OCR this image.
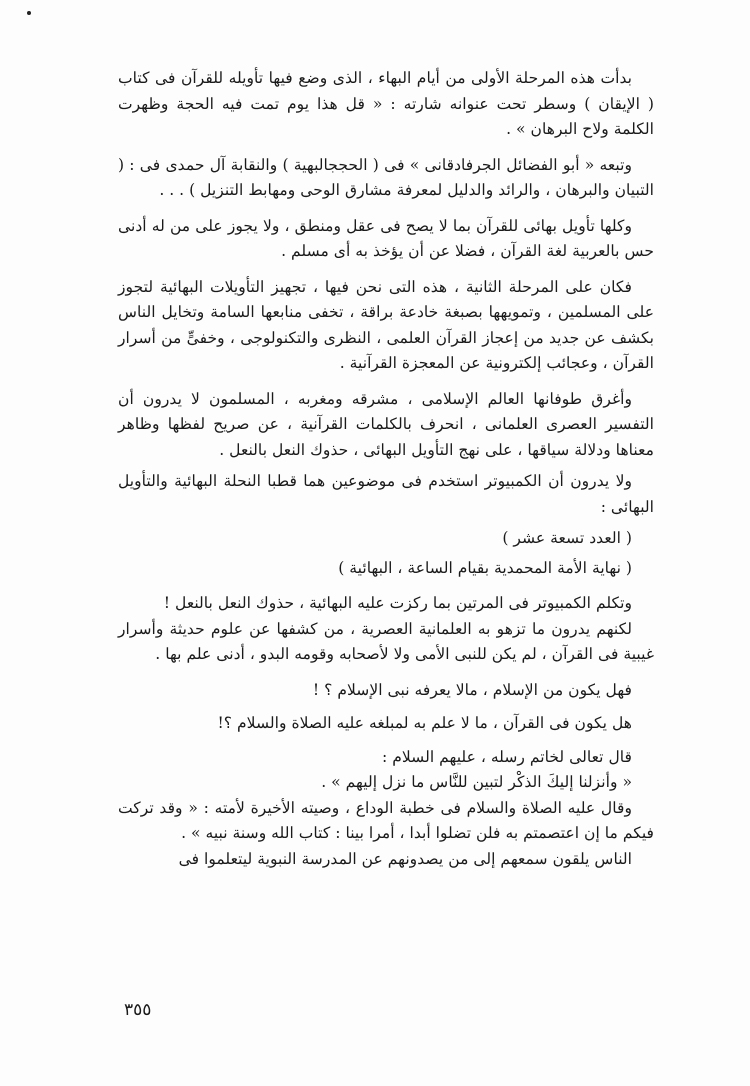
بدأت هذه المرحلة الأولى من أيام البهاء ، الذى وضع فيها تأويله للقرآن فى كتاب ( الإيقان ) وسطر تحت عنوانه شارته : « قل هذا يوم تمت فيه الحجة وظهرت الكلمة ولاح البرهان » .

وتبعه « أبو الفضائل الجرفادقانى » فى ( الحججالبهية ) والنقابة آل حمدى فى : ( التبيان والبرهان ، والرائد والدليل لمعرفة مشارق الوحى ومهابط التنزيل ) . . .

وكلها تأويل بهائى للقرآن بما لا يصح فى عقل ومنطق ، ولا يجوز على من له أدنى حس بالعربية لغة القرآن ، فضلا عن أن يؤخذ به أى مسلم .

فكان على المرحلة الثانية ، هذه التى نحن فيها ، تجهيز التأويلات البهائية لتجوز على المسلمين ، وتمويهها بصبغة خادعة براقة ، تخفى منابعها السامة وتخايل الناس بكشف عن جديد من إعجاز القرآن العلمى ، النظرى والتكنولوجى ، وخفىٍّ من أسرار القرآن ، وعجائب إلكترونية عن المعجزة القرآنية .

وأغرق طوفانها العالم الإسلامى ، مشرقه ومغربه ، المسلمون لا يدرون أن التفسير العصرى العلمانى ، انحرف بالكلمات القرآنية ، عن صريح لفظها وظاهر معناها ودلالة سياقها ، على نهج التأويل البهائى ، حذوك النعل بالنعل .

ولا يدرون أن الكمبيوتر استخدم فى موضوعين هما قطبا النحلة البهائية والتأويل البهائى :

( العدد تسعة عشر )
( نهاية الأمة المحمدية بقيام الساعة ، البهائية )

وتكلم الكمبيوتر فى المرتين بما ركزت عليه البهائية ، حذوك النعل بالنعل !

لكنهم يدرون ما تزهو به العلمانية العصرية ، من كشفها عن علوم حديثة وأسرار غيبية فى القرآن ، لم يكن للنبى الأمى ولا لأصحابه وقومه البدو ، أدنى علم بها .

فهل يكون من الإسلام ، مالا يعرفه نبى الإسلام ؟ !

هل يكون فى القرآن ، ما لا علم به لمبلغه عليه الصلاة والسلام ؟!

قال تعالى لخاتم رسله ، عليهم السلام :

« وأنزلنا إليكَ الذكْر لتبين للنَّاس ما نزل إليهم » .

وقال عليه الصلاة والسلام فى خطبة الوداع ، وصيته الأخيرة لأمته : « وقد تركت فيكم ما إن اعتصمتم به فلن تضلوا أبدا ، أمرا بينا : كتاب الله وسنة نبيه » .

الناس يلقون سمعهم إلى من يصدونهم عن المدرسة النبوية ليتعلموا فى

٣٥٥
